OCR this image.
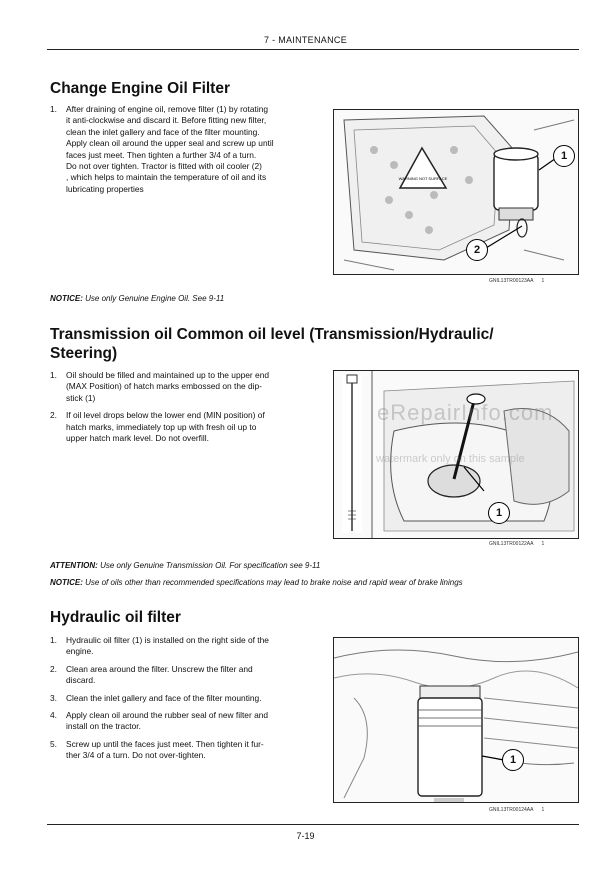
7 - MAINTENANCE
Change Engine Oil Filter
1. After draining of engine oil, remove filter (1) by rotating
it anti-clockwise and discard it. Before fitting new filter,
clean the inlet gallery and face of the filter mounting.
Apply clean oil around the upper seal and screw up until
faces just meet. Then tighten a further 3/4 of a turn.
Do not over tighten. Tractor is fitted with oil cooler (2)
, which helps to maintain the temperature of oil and its
lubricating properties
WARNING NOT SURFACE
1
2
GNIL13TR00123AA 1
NOTICE: Use only Genuine Engine Oil. See 9-11
Transmission oil Common oil level (Transmission/Hydraulic/
Steering)
1. Oil should be filled and maintained up to the upper end
(MAX Position) of hatch marks embossed on the dip-
stick (1)
2. If oil level drops below the lower end (MIN position) of
hatch marks, immediately top up with fresh oil up to
upper hatch mark level. Do not overfill.
1
GNIL13TR00122AA 1
eRepairInfo.com
watermark only on this sample
ATTENTION: Use only Genuine Transmission Oil. For specification see 9-11
NOTICE: Use of oils other than recommended specifications may lead to brake noise and rapid wear of brake linings
Hydraulic oil filter
1. Hydraulic oil filter (1) is installed on the right side of the
engine.
2. Clean area around the filter. Unscrew the filter and
discard.
3. Clean the inlet gallery and face of the filter mounting.
4. Apply clean oil around the rubber seal of new filter and
install on the tractor.
5. Screw up until the faces just meet. Then tighten it fur-
ther 3/4 of a turn. Do not over-tighten.	1
GNIL13TR00124AA 1
7-19
